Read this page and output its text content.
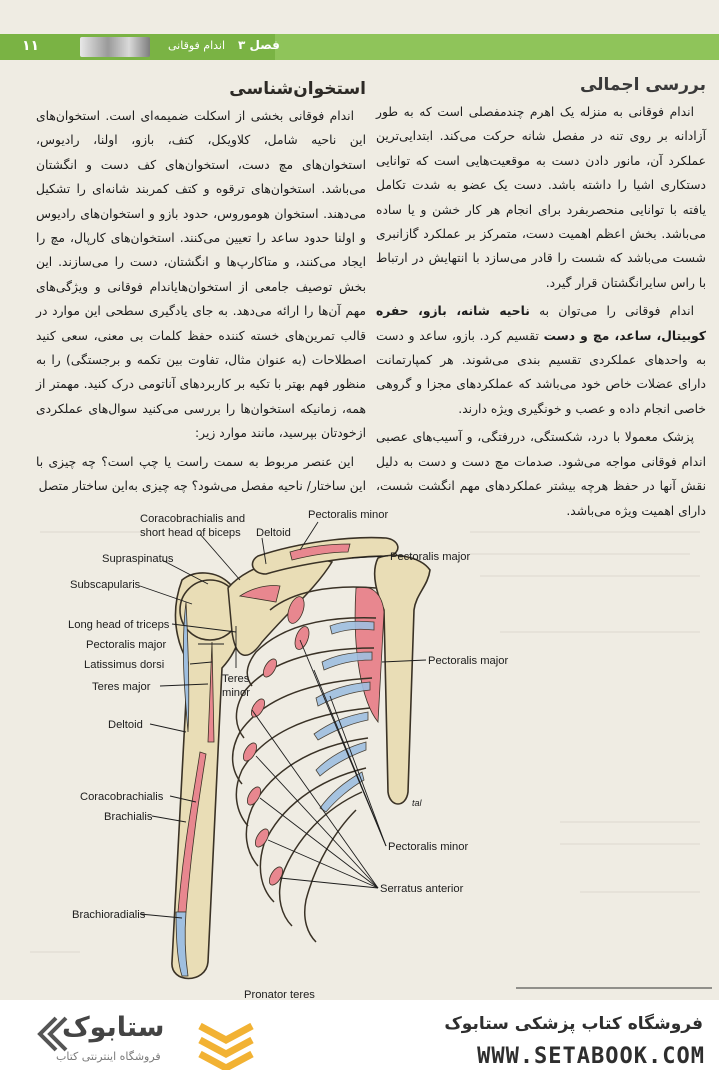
۱۱	اندام فوقانی فصل ۳
بررسی اجمالی

اندام فوقانی به منزله یک اهرم چندمفصلی است که به طور آزادانه بر روی تنه در مفصل شانه حرکت می‌کند. ابتدایی‌ترین عملکرد آن، مانور دادن دست به موقعیت‌هایی است که توانایی دستکاری اشیا را داشته باشد. دست یک عضو به شدت تکامل یافته با توانایی منحصربفرد برای انجام هر کار خشن و یا ساده می‌باشد. بخش اعظم اهمیت دست، متمرکز بر عملکرد گازانبری شست می‌باشد که شست را قادر می‌سازد با انتهایش در ارتباط با راس سایرانگشتان قرار گیرد.

اندام فوقانی را می‌توان به ناحیه شانه، بازو، حفره کوبیتال، ساعد، مچ و دست تقسیم کرد. بازو، ساعد و دست به واحدهای عملکردی تقسیم بندی می‌شوند. هر کمپارتمانت دارای عضلات خاص خود می‌باشد که عملکردهای مجزا و گروهی خاصی انجام داده و عصب و خونگیری ویژه دارند.

پزشک معمولا با درد، شکستگی، دررفتگی، و آسیب‌های عصبی اندام فوقانی مواجه می‌شود. صدمات مچ دست و دست به دلیل نقش آنها در حفظ هرچه بیشتر عملکردهای مهم انگشت شست، دارای اهمیت ویژه می‌باشد.

استخوان‌شناسی

اندام فوقانی بخشی از اسکلت ضمیمه‌ای است. استخوان‌های این ناحیه شامل، کلاویکل، کتف، بازو، اولنا، رادیوس، استخوان‌های مچ دست، استخوان‌های کف دست و انگشتان می‌باشد. استخوان‌های ترقوه و کتف کمربند شانه‌ای را تشکیل می‌دهند. استخوان هوموروس، حدود بازو و استخوان‌های رادیوس و اولنا حدود ساعد را تعیین می‌کنند. استخوان‌های کارپال، مچ را ایجاد می‌کنند، و متاکارپ‌ها و انگشتان، دست را می‌سازند. این بخش توصیف جامعی از استخوان‌هایاندام فوقانی و ویژگی‌های مهم آن‌ها را ارائه می‌دهد. به جای یادگیری سطحی این موارد در قالب تمرین‌های خسته کننده حفظ کلمات بی معنی، سعی کنید اصطلاحات (به عنوان مثال، تفاوت بین تکمه و برجستگی) را به منظور فهم بهتر با تکیه بر کاربردهای آناتومی درک کنید. مهمتر از همه، زمانیکه استخوان‌ها را بررسی می‌کنید سوال‌های عملکردی ازخودتان بپرسید، مانند موارد زیر:

این عنصر مربوط به سمت راست یا چپ است؟ چه چیزی با این ساختار/ ناحیه مفصل می‌شود؟ چه چیزی به‌این ساختار متصل

Coracobrachialis and
short head of biceps Deltoid
Pectoralis minor
Pectoralis major
Supraspinatus
Subscapularis
Long head of triceps
Pectoralis major
Latissimus dorsi
Teres major
Teres
minor
Pectoralis major
Deltoid
Coracobrachialis
Brachialis
Pectoralis minor
Serratus anterior
Brachioradialis
Pronator teres
tal
ستابوک
فروشگاه اینترنتی کتاب
فروشگاه کتاب پزشکی ستابوک
WWW.SETABOOK.COM
